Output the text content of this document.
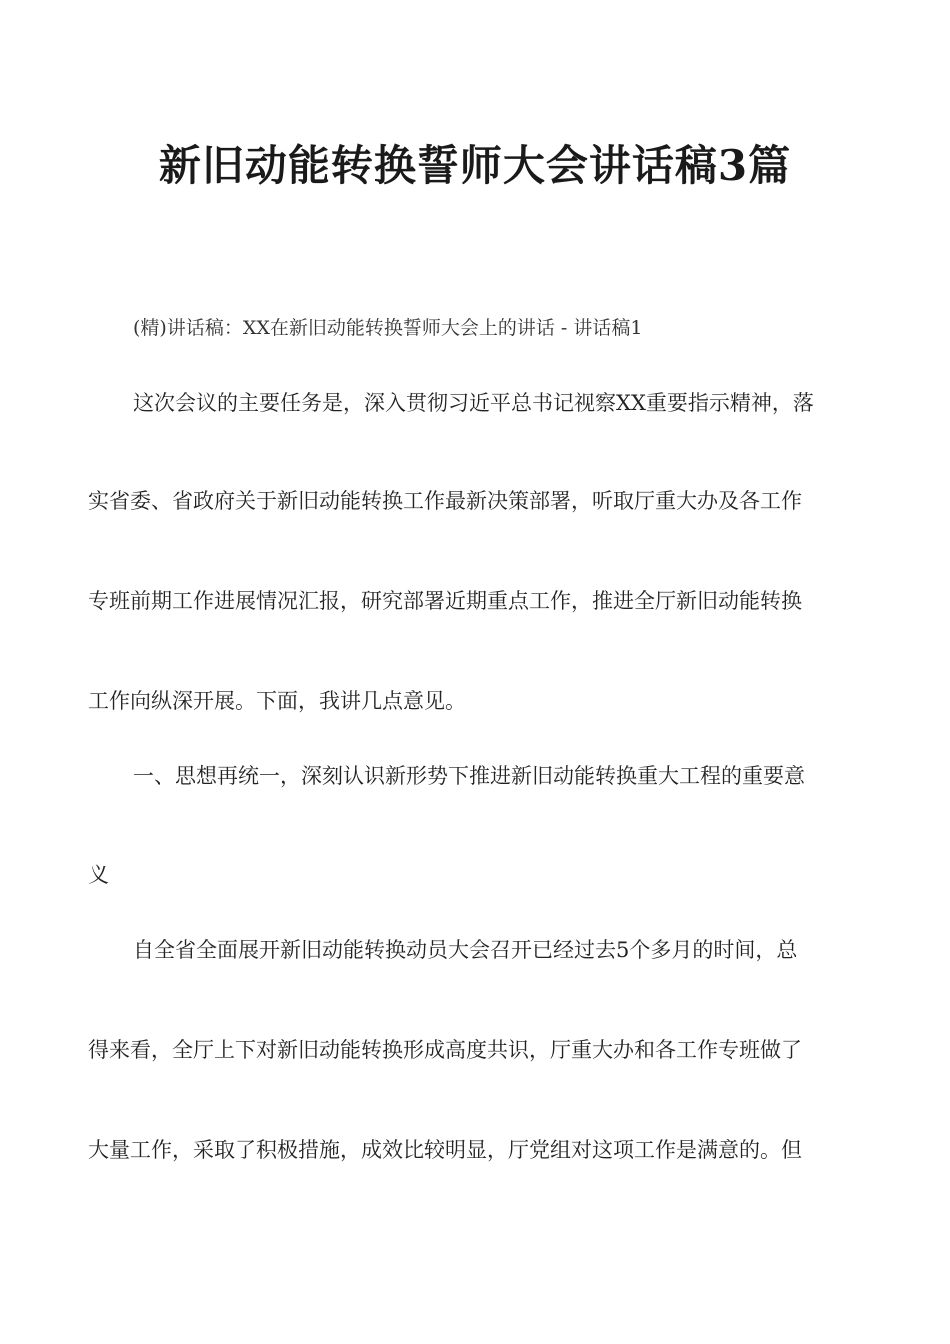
新旧动能转换誓师大会讲话稿3篇
(精)讲话稿：XX在新旧动能转换誓师大会上的讲话 - 讲话稿1
这次会议的主要任务是，深入贯彻习近平总书记视察XX重要指示精神，落
实省委、省政府关于新旧动能转换工作最新决策部署，听取厅重大办及各工作
专班前期工作进展情况汇报，研究部署近期重点工作，推进全厅新旧动能转换
工作向纵深开展。下面，我讲几点意见。
一、思想再统一，深刻认识新形势下推进新旧动能转换重大工程的重要意
义
自全省全面展开新旧动能转换动员大会召开已经过去5个多月的时间，总
得来看，全厅上下对新旧动能转换形成高度共识，厅重大办和各工作专班做了
大量工作，采取了积极措施，成效比较明显，厅党组对这项工作是满意的。但
